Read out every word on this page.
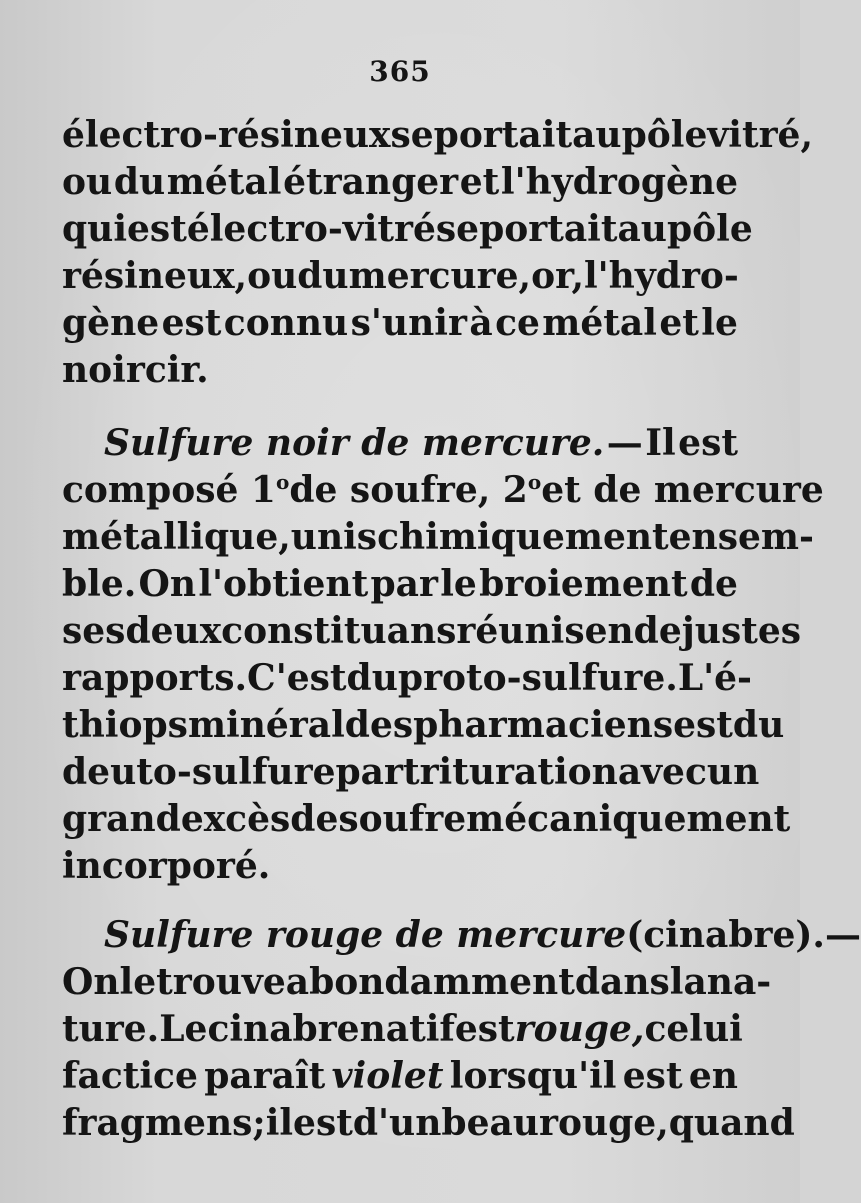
365
électro-résineux se portait au pôle vitré,
ou du métal étranger et l'hydrogène
qui est électro-vitré se portait au pôle
résineux, ou du mercure, or, l'hydro-
gène est connu s'unir à ce métal et le
noircir.
Sulfure noir de mercure. — Il est
composé 1$^o$ de soufre, 2$^o$ et de mercure
métallique, unis chimiquement ensem-
ble. On l'obtient par le broiement de
ses deux constituans réunis en de justes
rapports. C'est du proto-sulfure. L'é-
thiops minéral des pharmaciens est du
deuto-sulfure par trituration avec un
grand excès de soufre mécaniquement
incorporé.
Sulfure rouge de mercure (cinabre). —
On le trouve abondamment dans la na-
ture. Le cinabre natif est rouge, celui
factice paraît violet lorsqu'il est en
fragmens; il est d'un beau rouge, quand
